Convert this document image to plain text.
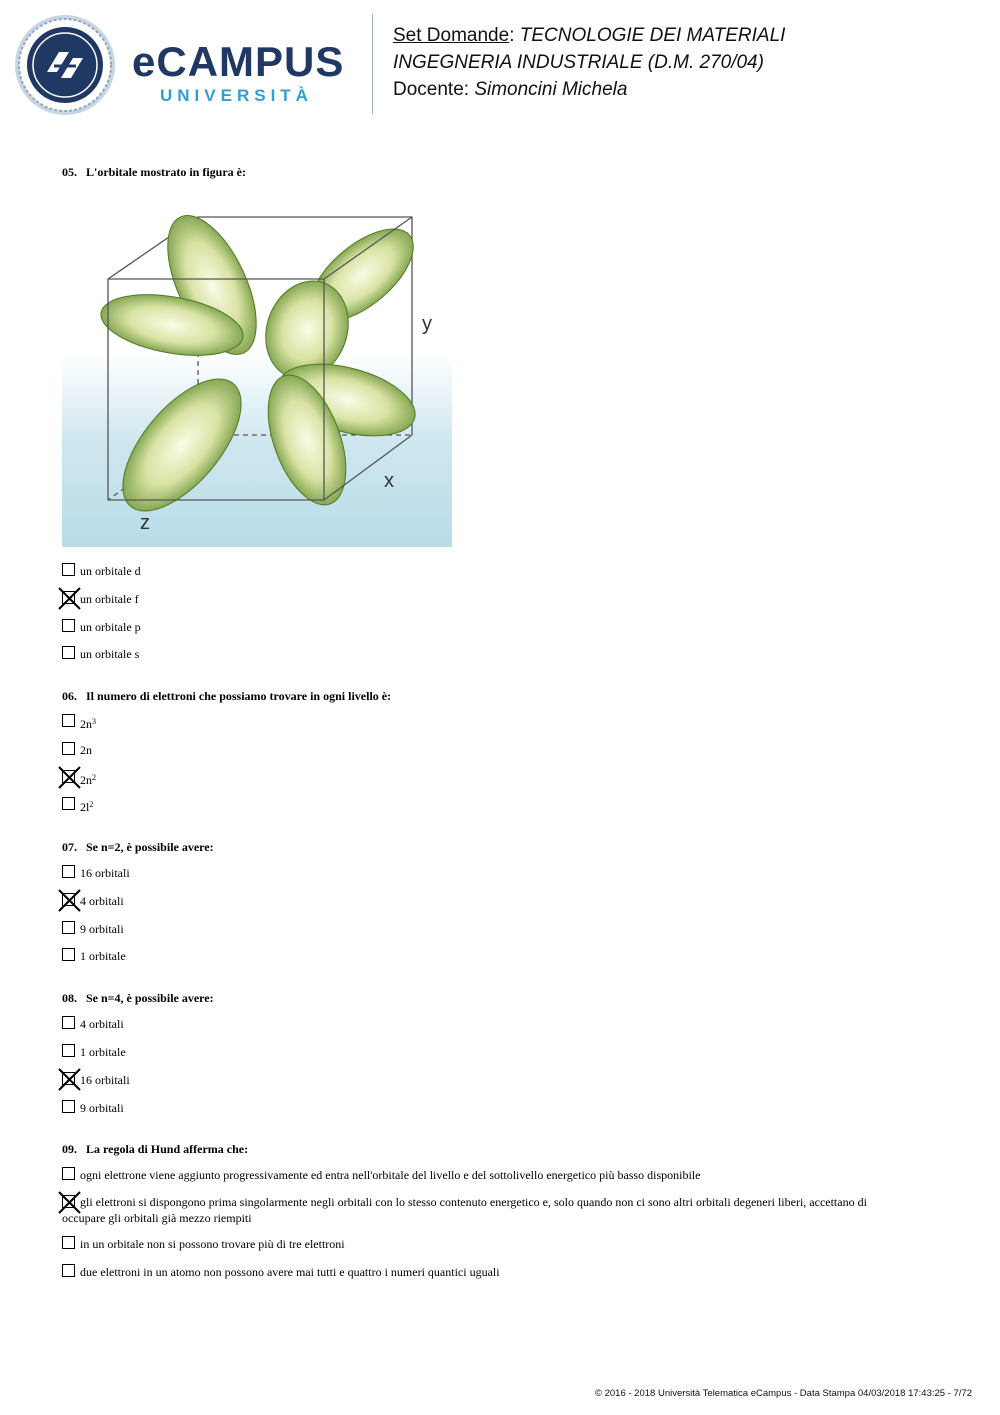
eCAMPUS
UNIVERSITÀ
Set Domande: TECNOLOGIE DEI MATERIALI
INGEGNERIA INDUSTRIALE (D.M. 270/04)
Docente: Simoncini Michela
05. L'orbitale mostrato in figura è:
y
x
z
un orbitale d
un orbitale f
un orbitale p
un orbitale s
06. Il numero di elettroni che possiamo trovare in ogni livello è:
$2n^3$
2n
$2n^2$
$2l^2$
07. Se n=2, è possibile avere:
16 orbitali
4 orbitali
9 orbitali
1 orbitale
08. Se n=4, è possibile avere:
4 orbitali
1 orbitale
16 orbitali
9 orbitali
09. La regola di Hund afferma che:
ogni elettrone viene aggiunto progressivamente ed entra nell'orbitale del livello e del sottolivello energetico più basso disponibile
gli elettroni si dispongono prima singolarmente negli orbitali con lo stesso contenuto energetico e, solo quando non ci sono altri orbitali degeneri liberi, accettano di
occupare gli orbitali già mezzo riempiti
in un orbitale non si possono trovare più di tre elettroni
due elettroni in un atomo non possono avere mai tutti e quattro i numeri quantici uguali
© 2016 - 2018 Università Telematica eCampus - Data Stampa 04/03/2018 17:43:25 - 7/72
